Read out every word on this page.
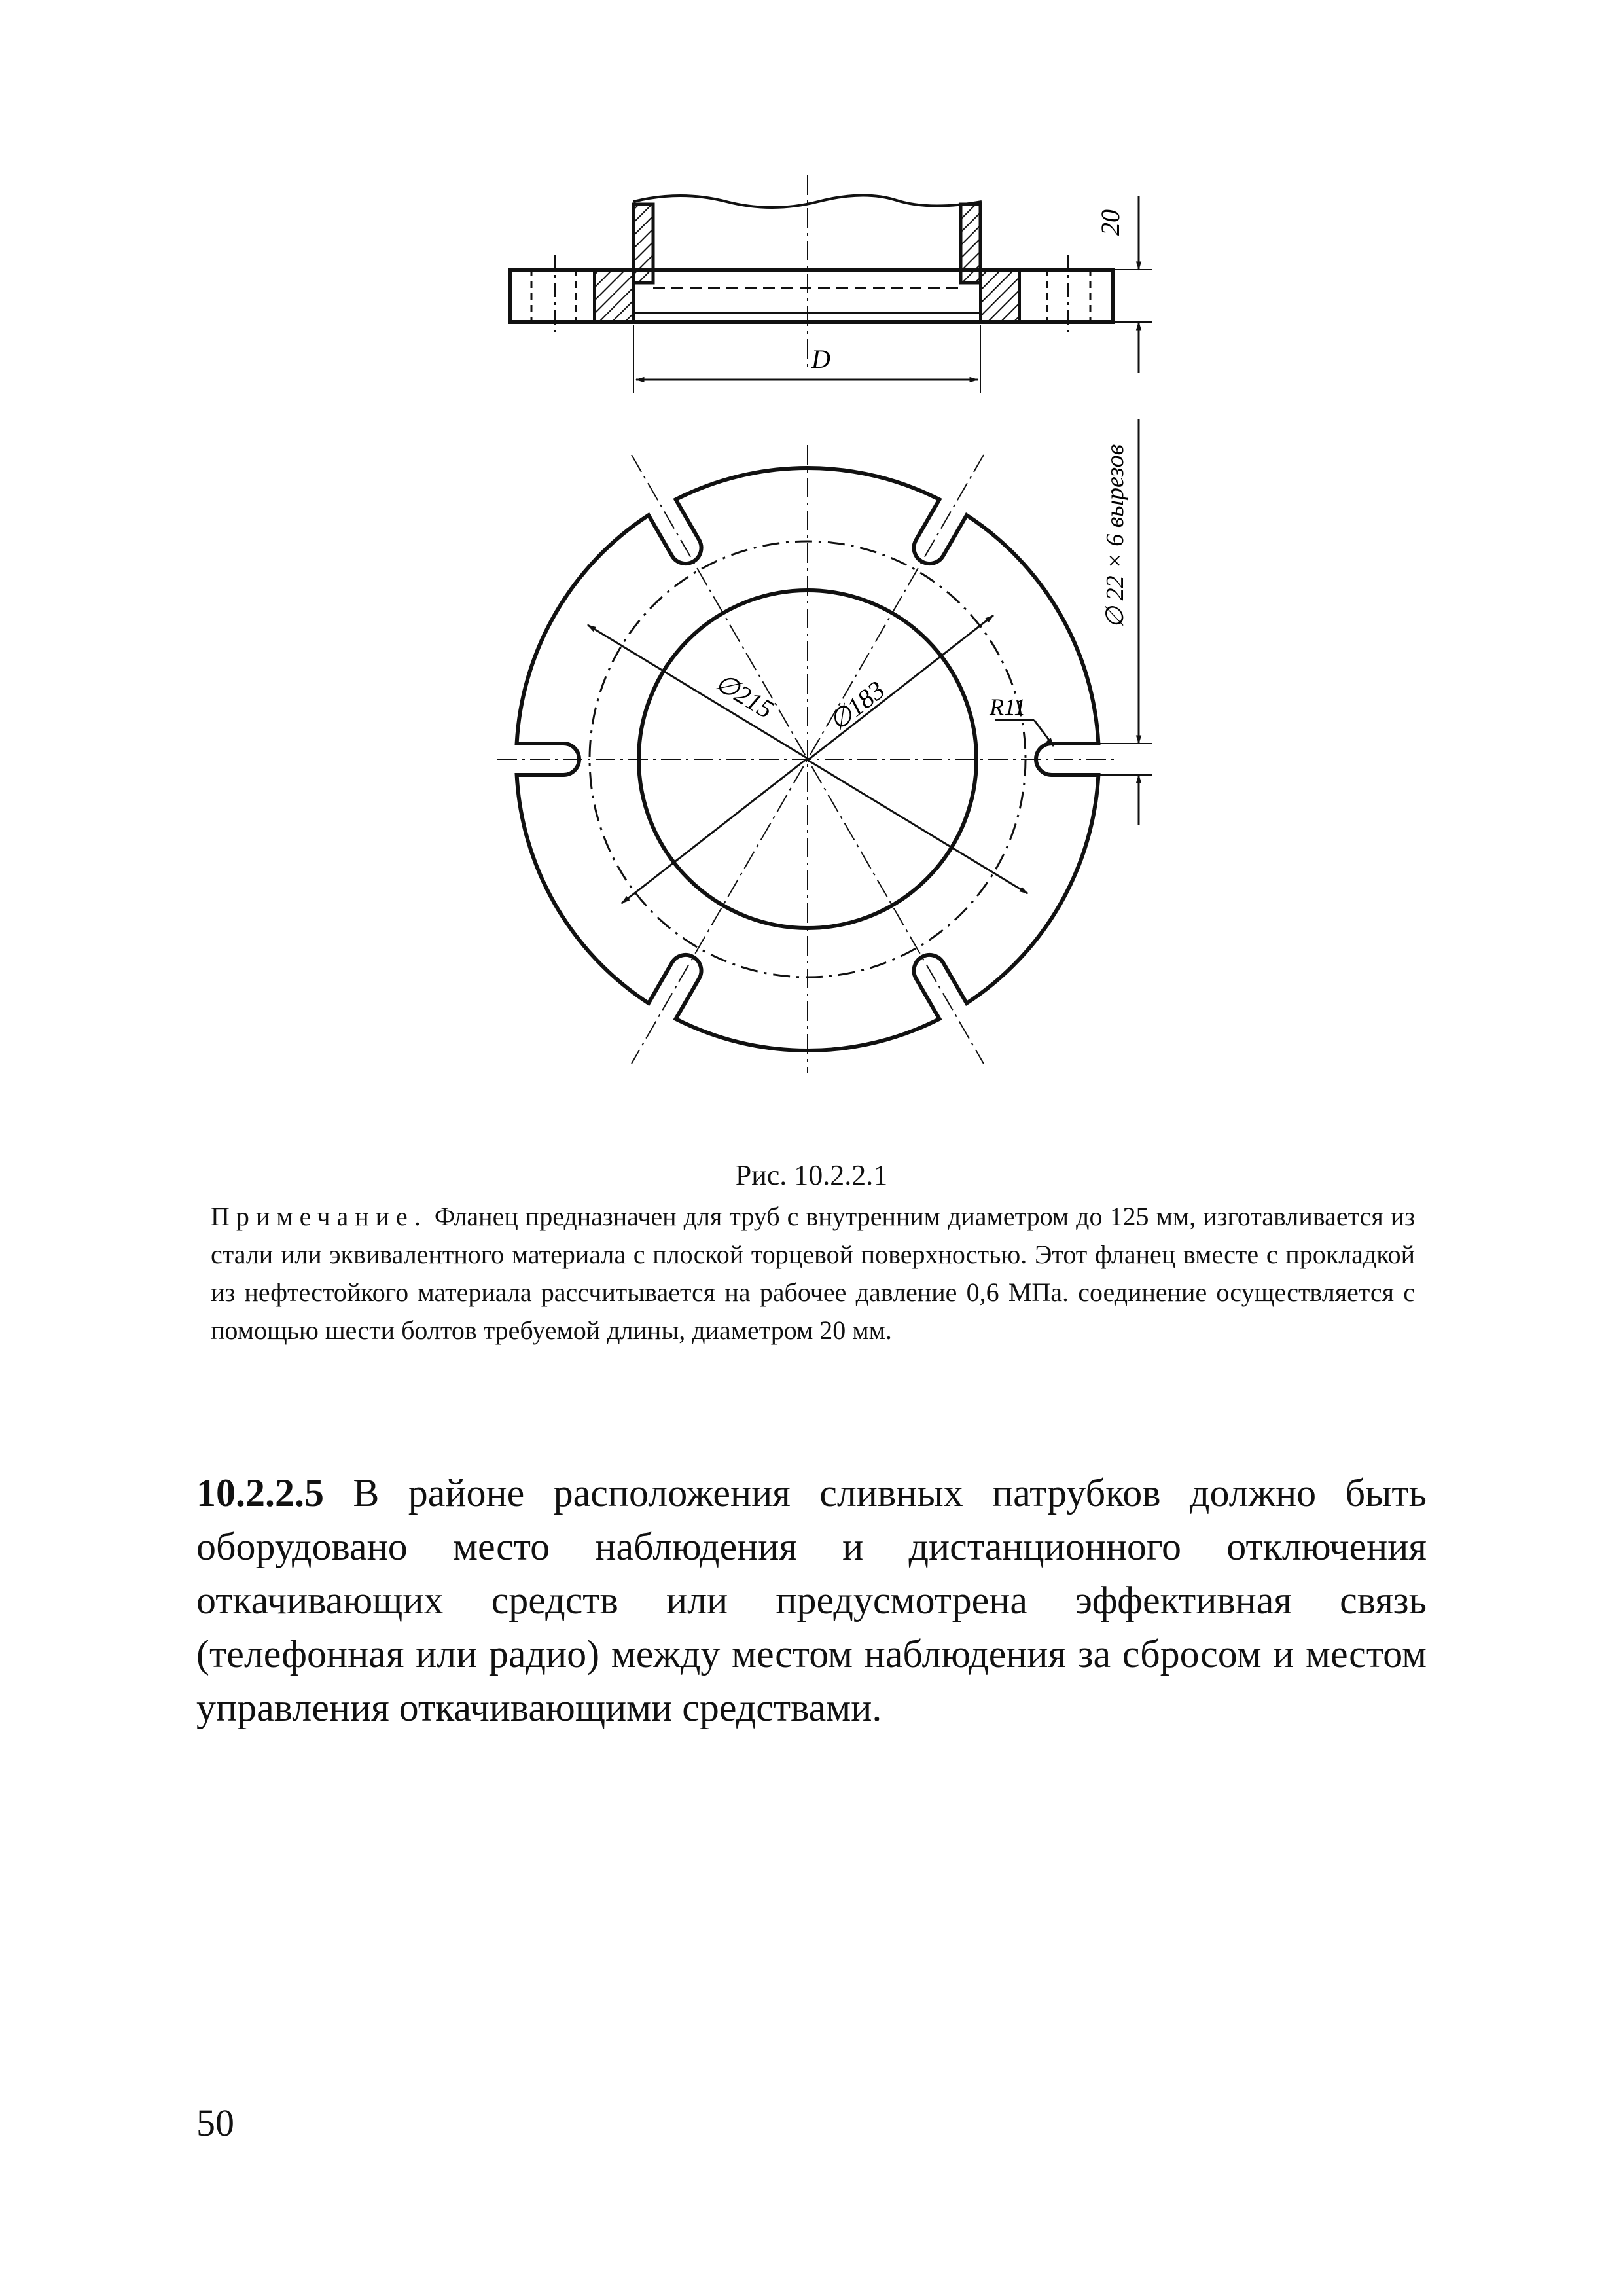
D
20
∅215 ∅183	R11
∅ 22 × 6 вырезов
Рис. 10.2.2.1
Примечание. Фланец предназначен для труб с внутренним диаметром до 125 мм, изготавливается из стали или эквивалентного материала с плоской торцевой поверхностью. Этот фланец вместе с прокладкой из нефтестойкого материала рассчитывается на рабочее давление 0,6 МПа. соединение осуществляется с помощью шести болтов требуемой длины, диаметром 20 мм.
10.2.2.5 В районе расположения сливных патрубков должно быть оборудовано место наблюдения и дистанционного отключения откачивающих средств или предусмотрена эффективная связь (телефонная или радио) между местом наблюдения за сбросом и местом управления откачивающими средствами.
50
